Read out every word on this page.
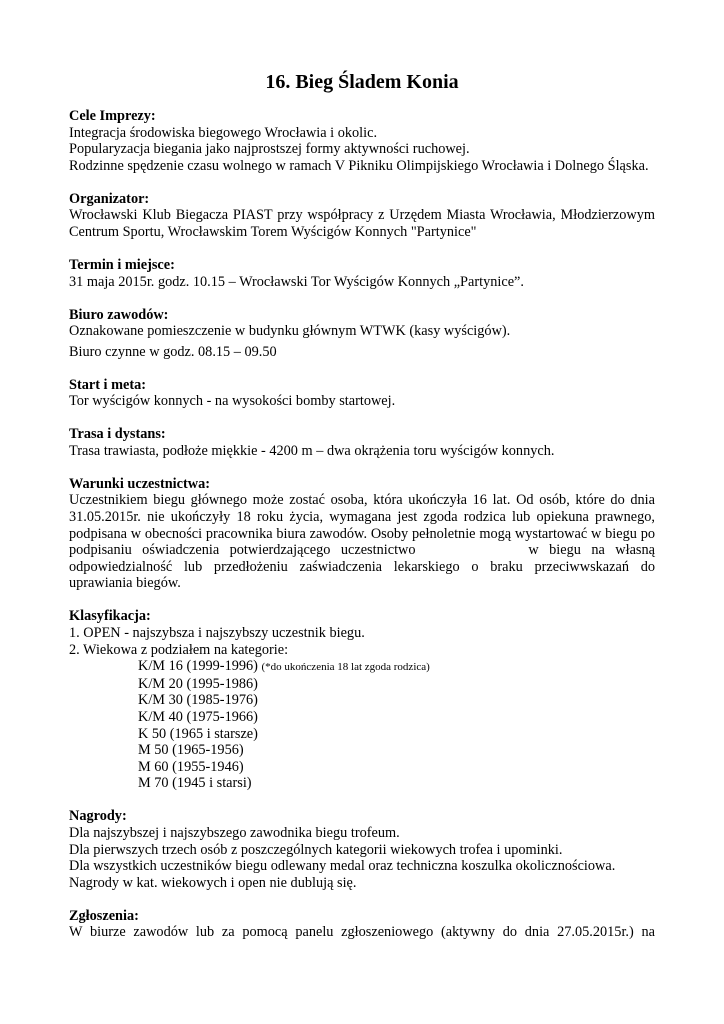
16. Bieg Śladem Konia
Cele Imprezy:
Integracja środowiska biegowego Wrocławia i okolic.
Popularyzacja biegania jako najprostszej formy aktywności ruchowej.
Rodzinne spędzenie czasu wolnego w ramach V Pikniku Olimpijskiego Wrocławia i Dolnego Śląska.
Organizator:
Wrocławski Klub Biegacza PIAST przy współpracy z Urzędem Miasta Wrocławia, Młodzierzowym Centrum Sportu, Wrocławskim Torem Wyścigów Konnych "Partynice"
Termin i miejsce:
31 maja 2015r. godz. 10.15 – Wrocławski Tor Wyścigów Konnych „Partynice”.
Biuro zawodów:
Oznakowane pomieszczenie w budynku głównym WTWK (kasy wyścigów).
Biuro czynne w godz. 08.15 – 09.50
Start i meta:
Tor wyścigów konnych - na wysokości bomby startowej.
Trasa i dystans:
Trasa trawiasta, podłoże miękkie - 4200 m – dwa okrążenia toru wyścigów konnych.
Warunki uczestnictwa:
Uczestnikiem biegu głównego może zostać osoba, która ukończyła 16 lat. Od osób, które do dnia 31.05.2015r. nie ukończyły 18 roku życia, wymagana jest zgoda rodzica lub opiekuna prawnego, podpisana w obecności pracownika biura zawodów. Osoby pełnoletnie mogą wystartować w biegu po podpisaniu oświadczenia potwierdzającego uczestnictwo	w biegu na własną odpowiedzialność lub przedłożeniu zaświadczenia lekarskiego o braku przeciwwskazań do uprawiania biegów.
Klasyfikacja:
1. OPEN - najszybsza i najszybszy uczestnik biegu.
2. Wiekowa z podziałem na kategorie:
K/M 16 (1999-1996) (*do ukończenia 18 lat zgoda rodzica)
K/M 20 (1995-1986)
K/M 30 (1985-1976)
K/M 40 (1975-1966)
K 50 (1965 i starsze)
M 50 (1965-1956)
M 60 (1955-1946)
M 70 (1945 i starsi)
Nagrody:
Dla najszybszej i najszybszego zawodnika biegu trofeum.
Dla pierwszych trzech osób z poszczególnych kategorii wiekowych trofea i upominki.
Dla wszystkich uczestników biegu odlewany medal oraz techniczna koszulka okolicznościowa.
Nagrody w kat. wiekowych i open nie dublują się.
Zgłoszenia:
W biurze zawodów lub za pomocą panelu zgłoszeniowego (aktywny do dnia 27.05.2015r.) na
